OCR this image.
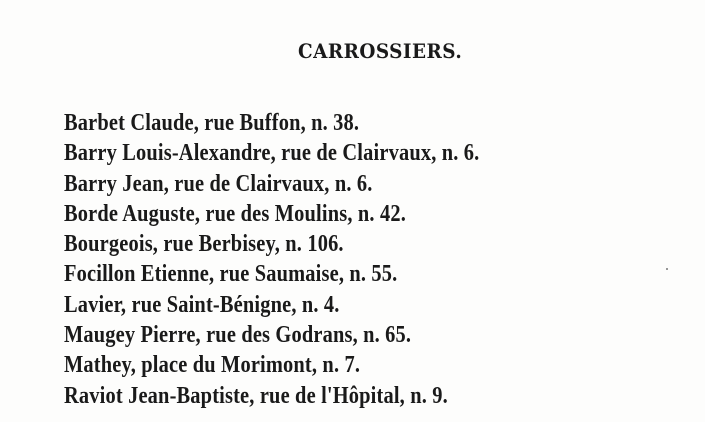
CARROSSIERS.
Barbet Claude, rue Buffon, n. 38.
Barry Louis-Alexandre, rue de Clairvaux, n. 6.
Barry Jean, rue de Clairvaux, n. 6.
Borde Auguste, rue des Moulins, n. 42.
Bourgeois, rue Berbisey, n. 106.
Focillon Etienne, rue Saumaise, n. 55.
Lavier, rue Saint-Bénigne, n. 4.
Maugey Pierre, rue des Godrans, n. 65.
Mathey, place du Morimont, n. 7.
Raviot Jean-Baptiste, rue de l'Hôpital, n. 9.
